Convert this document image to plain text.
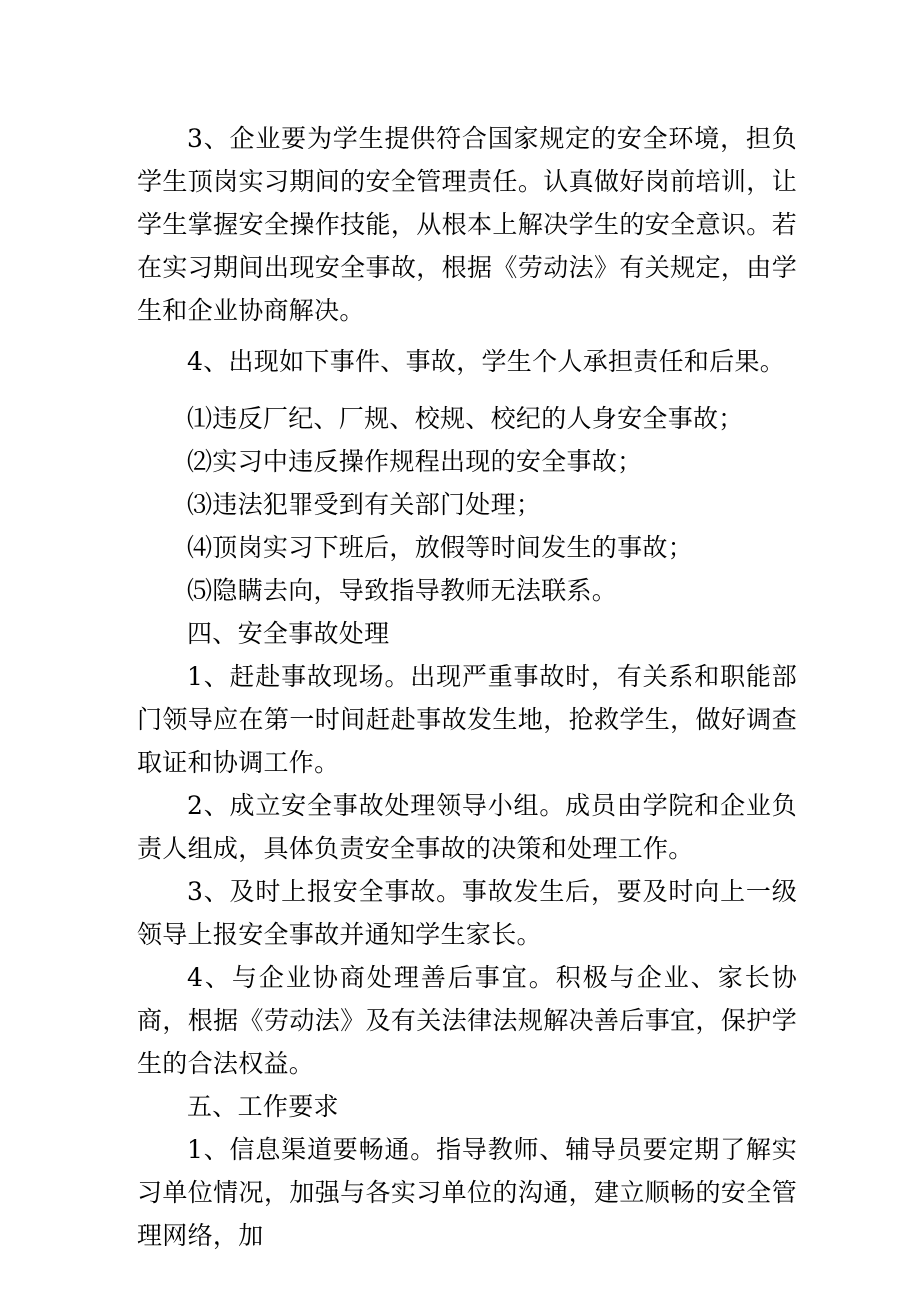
3、企业要为学生提供符合国家规定的安全环境，担负学生顶岗实习期间的安全管理责任。认真做好岗前培训，让学生掌握安全操作技能，从根本上解决学生的安全意识。若在实习期间出现安全事故，根据《劳动法》有关规定，由学生和企业协商解决。

4、出现如下事件、事故，学生个人承担责任和后果。

⑴违反厂纪、厂规、校规、校纪的人身安全事故；

⑵实习中违反操作规程出现的安全事故；

⑶违法犯罪受到有关部门处理；

⑷顶岗实习下班后，放假等时间发生的事故；

⑸隐瞒去向，导致指导教师无法联系。

四、安全事故处理

1、赶赴事故现场。出现严重事故时，有关系和职能部门领导应在第一时间赶赴事故发生地，抢救学生，做好调查取证和协调工作。

2、成立安全事故处理领导小组。成员由学院和企业负责人组成，具体负责安全事故的决策和处理工作。

3、及时上报安全事故。事故发生后，要及时向上一级领导上报安全事故并通知学生家长。

4、与企业协商处理善后事宜。积极与企业、家长协商，根据《劳动法》及有关法律法规解决善后事宜，保护学生的合法权益。

五、工作要求

1、信息渠道要畅通。指导教师、辅导员要定期了解实习单位情况，加强与各实习单位的沟通，建立顺畅的安全管理网络，加
